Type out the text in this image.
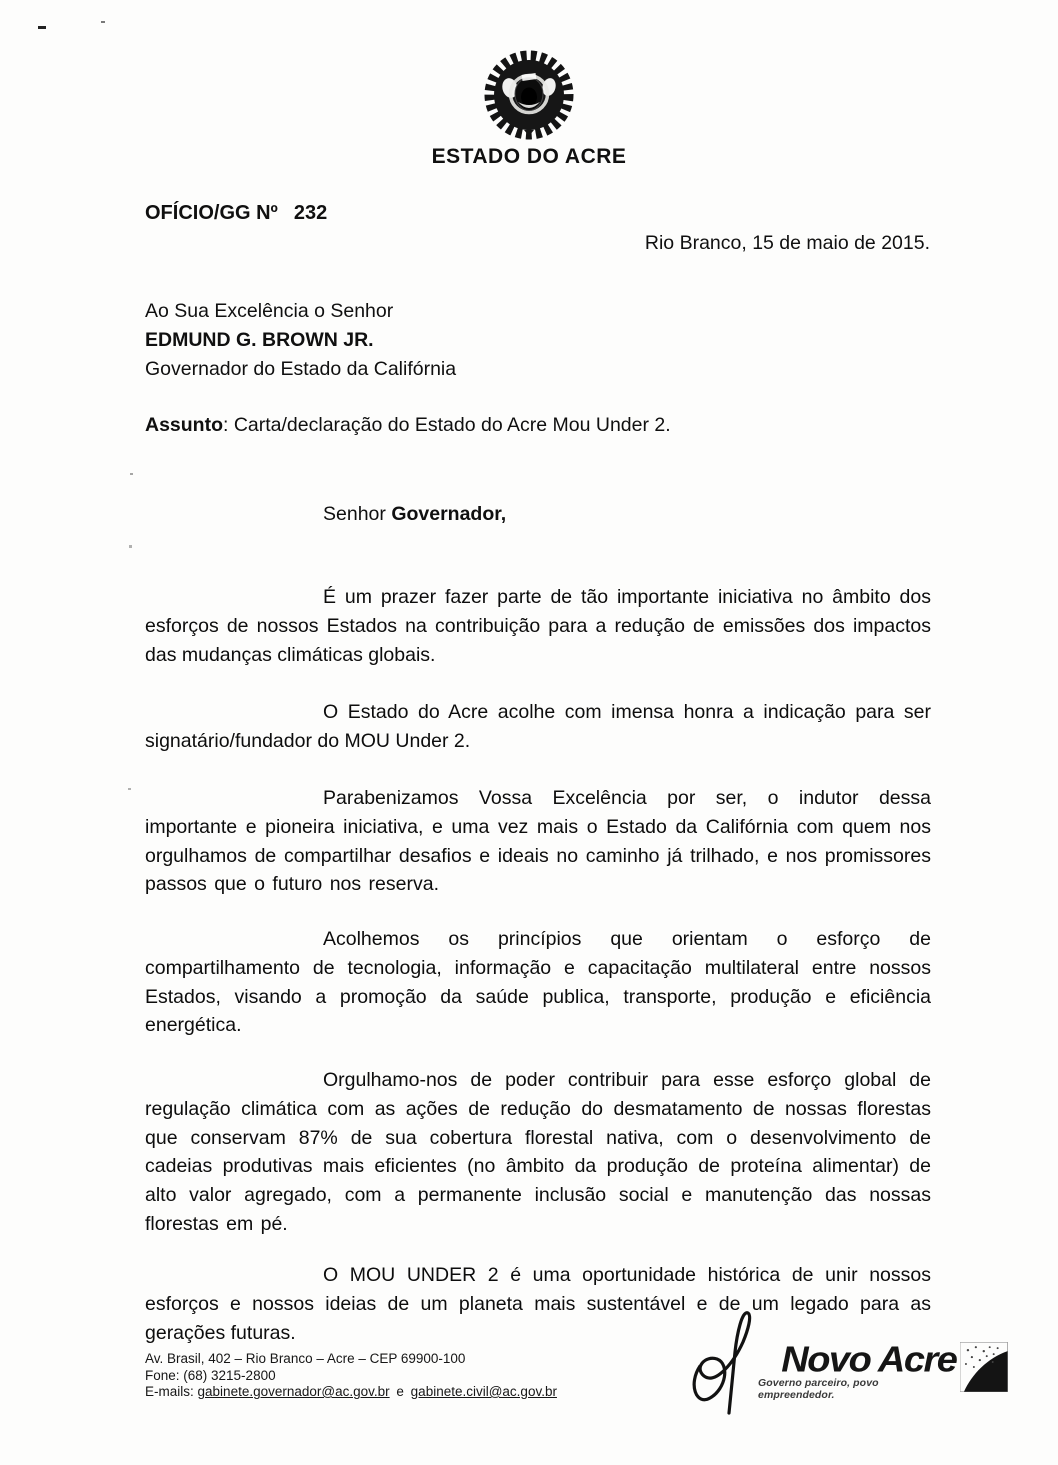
ESTADO DO ACRE
OFÍCIO/GG Nº 232
Rio Branco, 15 de maio de 2015.
Ao Sua Excelência o Senhor
EDMUND G. BROWN JR.
Governador do Estado da Califórnia
Assunto: Carta/declaração do Estado do Acre Mou Under 2.
Senhor Governador,

É um prazer fazer parte de tão importante iniciativa no âmbito dos esforços de nossos Estados na contribuição para a redução de emissões dos impactos das mudanças climáticas globais.

O Estado do Acre acolhe com imensa honra a indicação para ser signatário/fundador do MOU Under 2.

Parabenizamos Vossa Excelência por ser, o indutor dessa importante e pioneira iniciativa, e uma vez mais o Estado da Califórnia com quem nos orgulhamos de compartilhar desafios e ideais no caminho já trilhado, e nos promissores passos que o futuro nos reserva.

Acolhemos os princípios que orientam o esforço de compartilhamento de tecnologia, informação e capacitação multilateral entre nossos Estados, visando a promoção da saúde publica, transporte, produção e eficiência energética.

Orgulhamo-nos de poder contribuir para esse esforço global de regulação climática com as ações de redução do desmatamento de nossas florestas que conservam 87% de sua cobertura florestal nativa, com o desenvolvimento de cadeias produtivas mais eficientes (no âmbito da produção de proteína alimentar) de alto valor agregado, com a permanente inclusão social e manutenção das nossas florestas em pé.

O MOU UNDER 2 é uma oportunidade histórica de unir nossos esforços e nossos ideias de um planeta mais sustentável e de um legado para as gerações futuras.

Novo Acre
Governo parceiro, povo empreendedor.
Av. Brasil, 402 – Rio Branco – Acre – CEP 69900-100
Fone: (68) 3215-2800
E-mails: gabinete.governador@ac.gov.br e gabinete.civil@ac.gov.br
